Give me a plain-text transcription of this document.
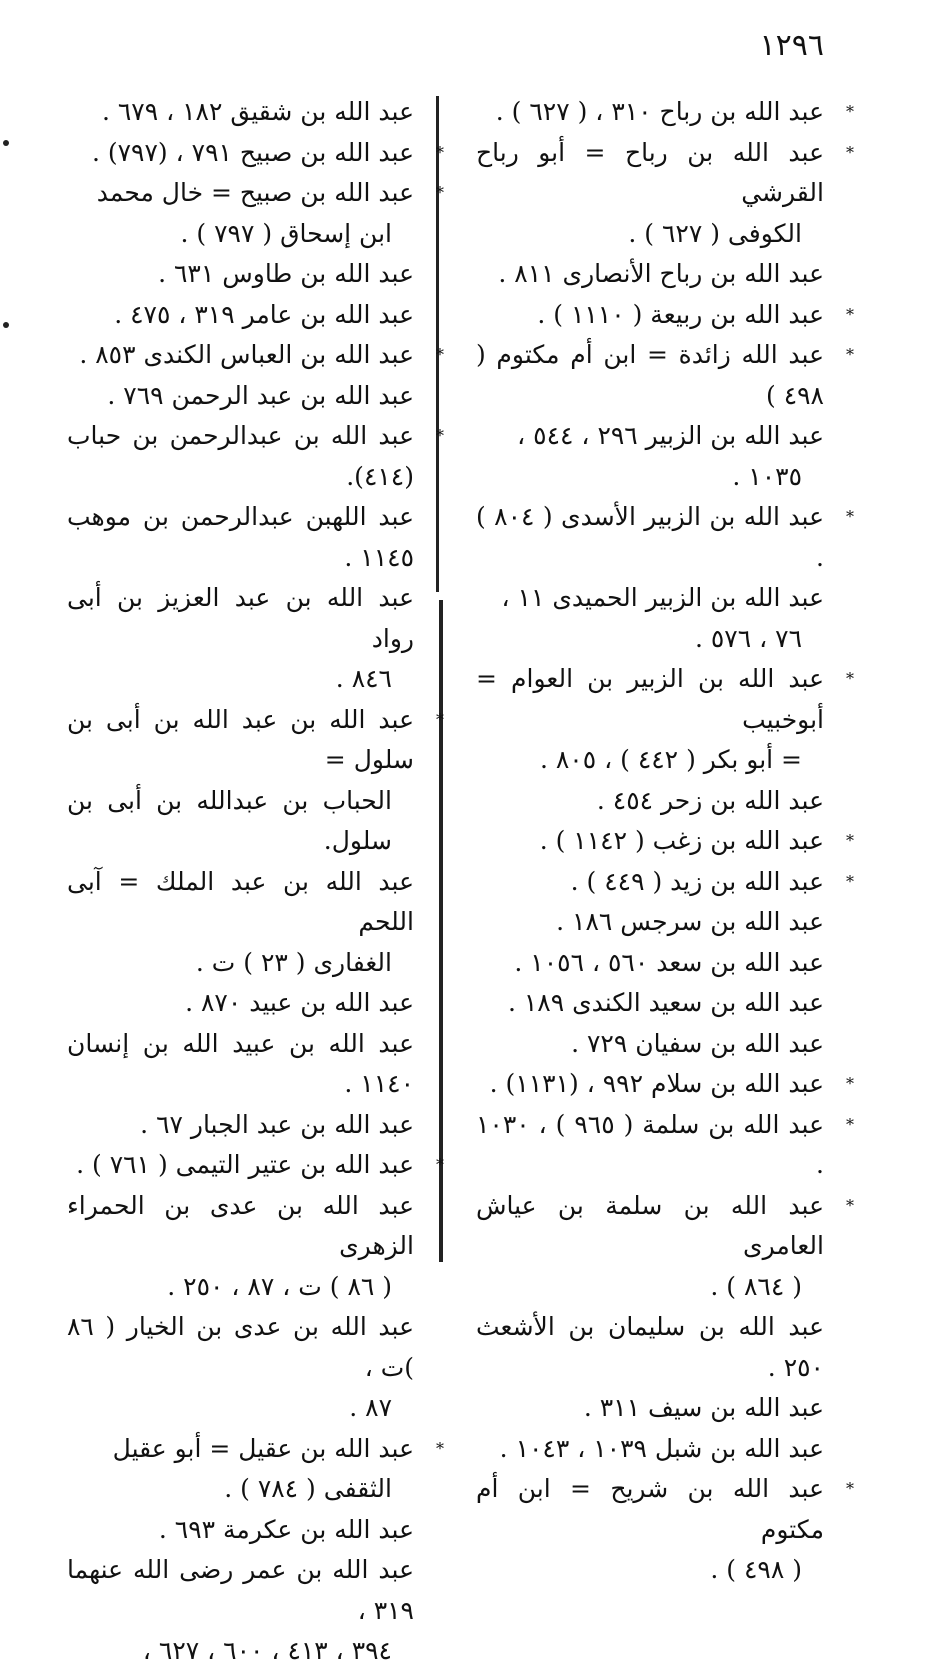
١٢٩٦
*
عبد الله بن رباح ٣١٠ ، ( ٦٢٧ ) .
*
عبد الله بن رباح = أبو رباح القرشي
الكوفى ( ٦٢٧ ) .
عبد الله بن رباح الأنصارى ٨١١ .
*
عبد الله بن ربيعة ( ١١١٠ ) .
*
عبد الله زائدة = ابن أم مكتوم ( ٤٩٨ )
عبد الله بن الزبير ٢٩٦ ، ٥٤٤ ،
١٠٣٥ .
*
عبد الله بن الزبير الأسدى ( ٨٠٤ ) .
عبد الله بن الزبير الحميدى ١١ ،
٧٦ ، ٥٧٦ .
*
عبد الله بن الزبير بن العوام = أبوخبيب
= أبو بكر ( ٤٤٢ ) ، ٨٠٥ .
عبد الله بن زحر ٤٥٤ .
*
عبد الله بن زغب ( ١١٤٢ ) .
*
عبد الله بن زيد ( ٤٤٩ ) .
عبد الله بن سرجس ١٨٦ .
عبد الله بن سعد ٥٦٠ ، ١٠٥٦ .
عبد الله بن سعيد الكندى ١٨٩ .
عبد الله بن سفيان ٧٢٩ .
*
عبد الله بن سلام ٩٩٢ ، (١١٣١) .
*
عبد الله بن سلمة ( ٩٦٥ ) ، ١٠٣٠ .
*
عبد الله بن سلمة بن عياش العامرى
( ٨٦٤ ) .
عبد الله بن سليمان بن الأشعث ٢٥٠ .
عبد الله بن سيف ٣١١ .
عبد الله بن شبل ١٠٣٩ ، ١٠٤٣ .
*
عبد الله بن شريح = ابن أم مكتوم
( ٤٩٨ ) .
عبد الله بن شقيق ١٨٢ ، ٦٧٩ .
*
عبد الله بن صبيح ٧٩١ ، (٧٩٧) .
*
عبد الله بن صبيح = خال محمد
ابن إسحاق ( ٧٩٧ ) .
عبد الله بن طاوس ٦٣١ .
عبد الله بن عامر ٣١٩ ، ٤٧٥ .
*
عبد الله بن العباس الكندى ٨٥٣ .
عبد الله بن عبد الرحمن ٧٦٩ .
*
عبد الله بن عبدالرحمن بن حباب (٤١٤).
عبد اللهبن عبدالرحمن بن موهب ١١٤٥ .
عبد الله بن عبد العزيز بن أبى رواد
٨٤٦ .
*
عبد الله بن عبد الله بن أبى بن سلول =
الحباب بن عبدالله بن أبى بن سلول.
عبد الله بن عبد الملك = آبى اللحم
الغفارى ( ٢٣ ) ت .
عبد الله بن عبيد ٨٧٠ .
عبد الله بن عبيد الله بن إنسان ١١٤٠ .
عبد الله بن عبد الجبار ٦٧ .
*
عبد الله بن عتير التيمى ( ٧٦١ ) .
عبد الله بن عدى بن الحمراء الزهرى
( ٨٦ ) ت ، ٨٧ ، ٢٥٠ .
عبد الله بن عدى بن الخيار ( ٨٦ )ت ،
٨٧ .
*
عبد الله بن عقيل = أبو عقيل
الثقفى ( ٧٨٤ ) .
عبد الله بن عكرمة ٦٩٣ .
عبد الله بن عمر رضى الله عنهما ٣١٩ ،
٣٩٤ ، ٤١٣ ، ٦٠٠ ، ٦٢٧ ،
